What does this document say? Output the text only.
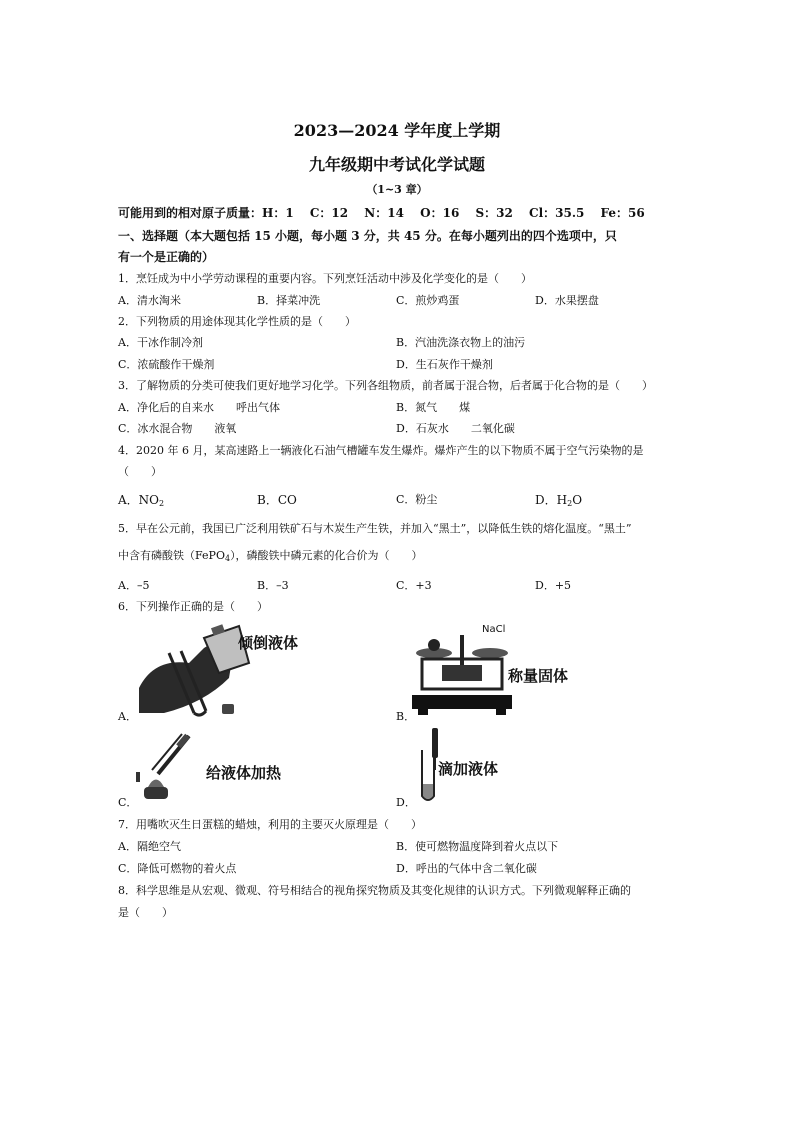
2023—2024 学年度上学期
九年级期中考试化学试题
（1~3 章）
可能用到的相对原子质量：H：1　 C：12　 N：14　 O：16　 S：32　 Cl：35.5　 Fe：56
一、选择题（本大题包括 15 小题，每小题 3 分，共 45 分。在每小题列出的四个选项中，只
有一个是正确的）
1．烹饪成为中小学劳动课程的重要内容。下列烹饪活动中涉及化学变化的是（　　）
A．清水淘米	B．择菜冲洗	C．煎炒鸡蛋	D．水果摆盘
2．下列物质的用途体现其化学性质的是（　　）
A．干冰作制冷剂	B．汽油洗涤衣物上的油污
C．浓硫酸作干燥剂	D．生石灰作干燥剂
3．了解物质的分类可使我们更好地学习化学。下列各组物质，前者属于混合物，后者属于化合物的是（　　）
A．净化后的自来水　　呼出气体	B．氮气　　煤
C．冰水混合物　　液氧	D．石灰水　　二氧化碳
4．2020 年 6 月，某高速路上一辆液化石油气槽罐车发生爆炸。爆炸产生的以下物质不属于空气污染物的是
（　　）
A．$NO_2$	B．CO	C．粉尘	D．$H_2O$
5．早在公元前，我国已广泛利用铁矿石与木炭生产生铁，并加入“黑土”，以降低生铁的熔化温度。“黑土”
中含有磷酸铁（FePO$_4$），磷酸铁中磷元素的化合价为（　　）
A．–5	B．–3	C．+3	D．+5
6．下列操作正确的是（　　）
倾倒液体
A．
NaCl
称量固体
B．
给液体加热
C．
滴加液体
D．
7．用嘴吹灭生日蛋糕的蜡烛，利用的主要灭火原理是（　　）
A．隔绝空气	B．使可燃物温度降到着火点以下
C．降低可燃物的着火点	D．呼出的气体中含二氧化碳
8．科学思维是从宏观、微观、符号相结合的视角探究物质及其变化规律的认识方式。下列微观解释正确的
是（　　）
